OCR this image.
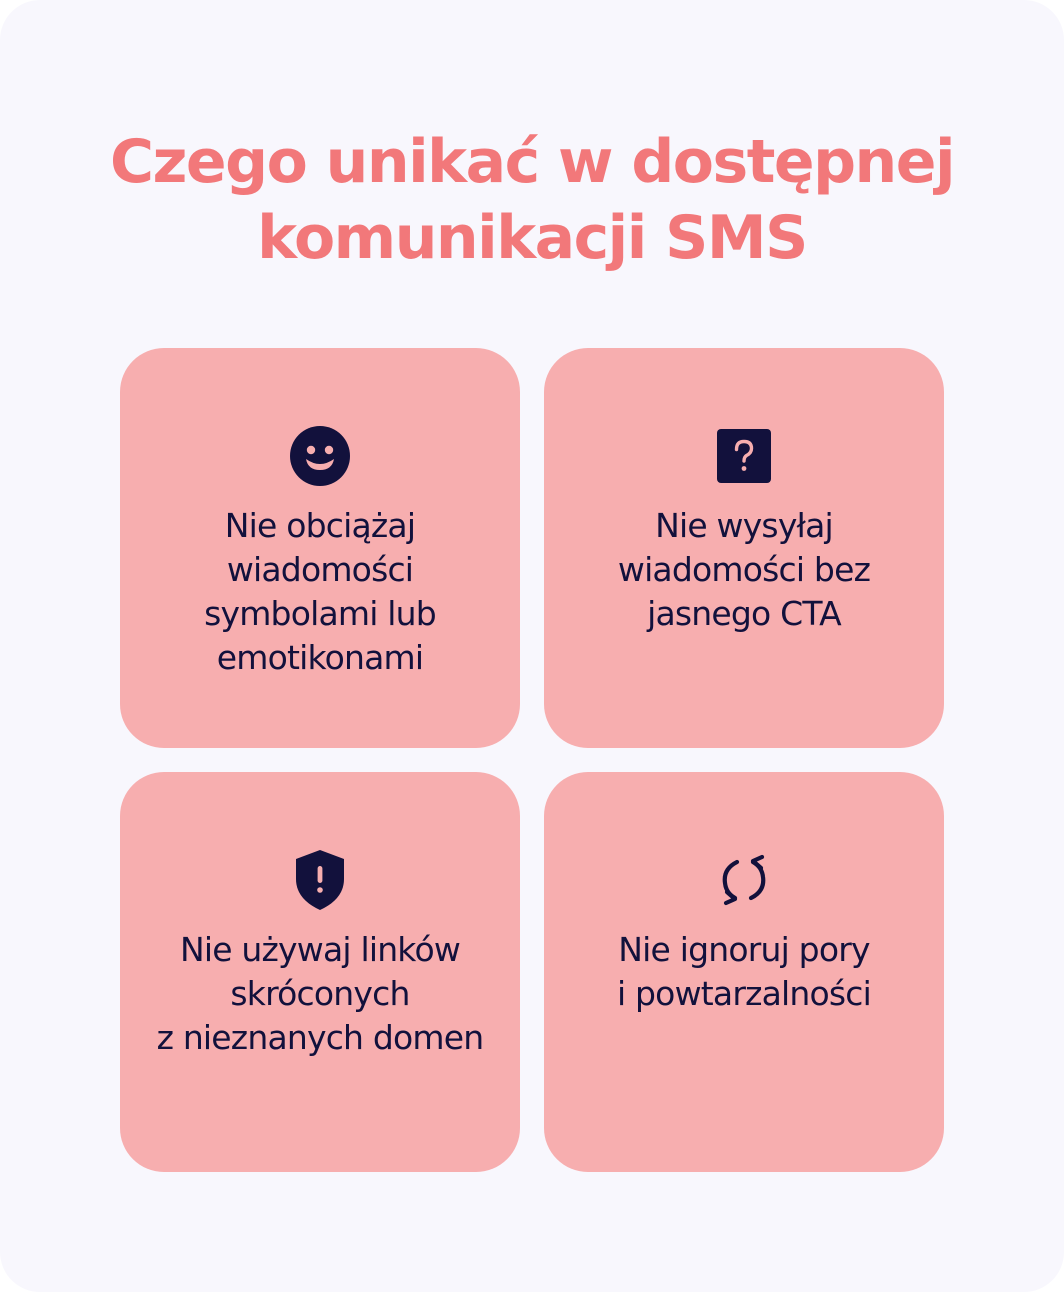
Czego unikać w dostępnej
komunikacji SMS
Nie obciążaj
wiadomości
symbolami lub
emotikonami
Nie wysyłaj
wiadomości bez
jasnego CTA
Nie używaj linków
skróconych
z nieznanych domen
Nie ignoruj pory
i powtarzalności
